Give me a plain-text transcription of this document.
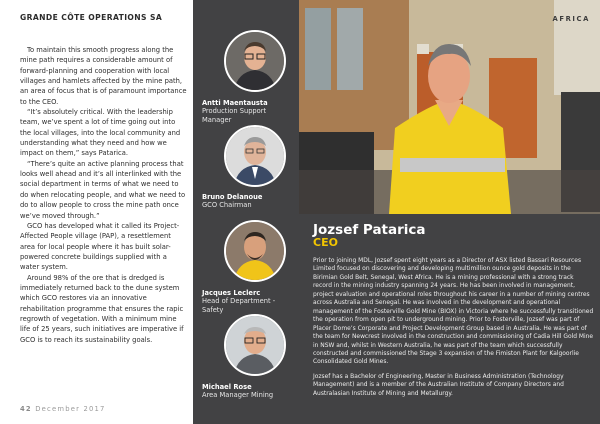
GRANDE CÔTE OPERATIONS SA

To maintain this smooth progress along the mine path requires a considerable amount of forward-planning and cooperation with local villages and hamlets affected by the mine path, an area of focus that is of paramount importance to the CEO.

“It’s absolutely critical. With the leadership team, we’ve spent a lot of time going out into the local villages, into the local community and understanding what they need and how we impact on them,” says Patarica.

“There’s quite an active planning process that looks well ahead and it’s all interlinked with the social department in terms of what we need to do when relocating people, and what we need to do to allow people to cross the mine path once we’ve moved through.”

GCO has developed what it called its Project-Affected People village (PAP), a resettlement area for local people where it has built solar-powered concrete buildings supplied with a water system.

Around 98% of the ore that is dredged is immediately returned back to the dune system which GCO restores via an innovative rehabilitation programme that ensures the rapic regrowth of vegetation. With a minimum mine life of 25 years, such initiatives are imperative if GCO is to reach its sustainability goals.

42 December 2017
AFRICA
Antti Maentausta
Production Support Manager
Bruno Delanoue
GCO Chairman
Jacques Leclerc
Head of Department - Safety
Michael Rose
Area Manager Mining
Jozsef Patarica
CEO

Prior to joining MDL, Jozsef spent eight years as a Director of ASX listed Bassari Resources Limited focused on discovering and developing multimillion ounce gold deposits in the Birimian Gold Belt, Senegal, West Africa. He is a mining professional with a strong track record in the mining industry spanning 24 years. He has been involved in management, project evaluation and operational roles throughout his career in a number of mining centres across Australia and Senegal. He was involved in the development and operational management of the Fosterville Gold Mine (BIOX) in Victoria where he successfully transitioned the operation from open pit to underground mining. Prior to Fosterville, Jozsef was part of Placer Dome’s Corporate and Project Development Group based in Australia. He was part of the team for Newcrest involved in the construction and commissioning of Cadia Hill Gold Mine in NSW and, whilst in Western Australia, he was part of the team which successfully constructed and commissioned the Stage 3 expansion of the Fimiston Plant for Kalgoorlie Consolidated Gold Mines.

Jozsef has a Bachelor of Engineering, Master in Business Administration (Technology Management) and is a member of the Australian Institute of Company Directors and Australasian Institute of Mining and Metallurgy.
